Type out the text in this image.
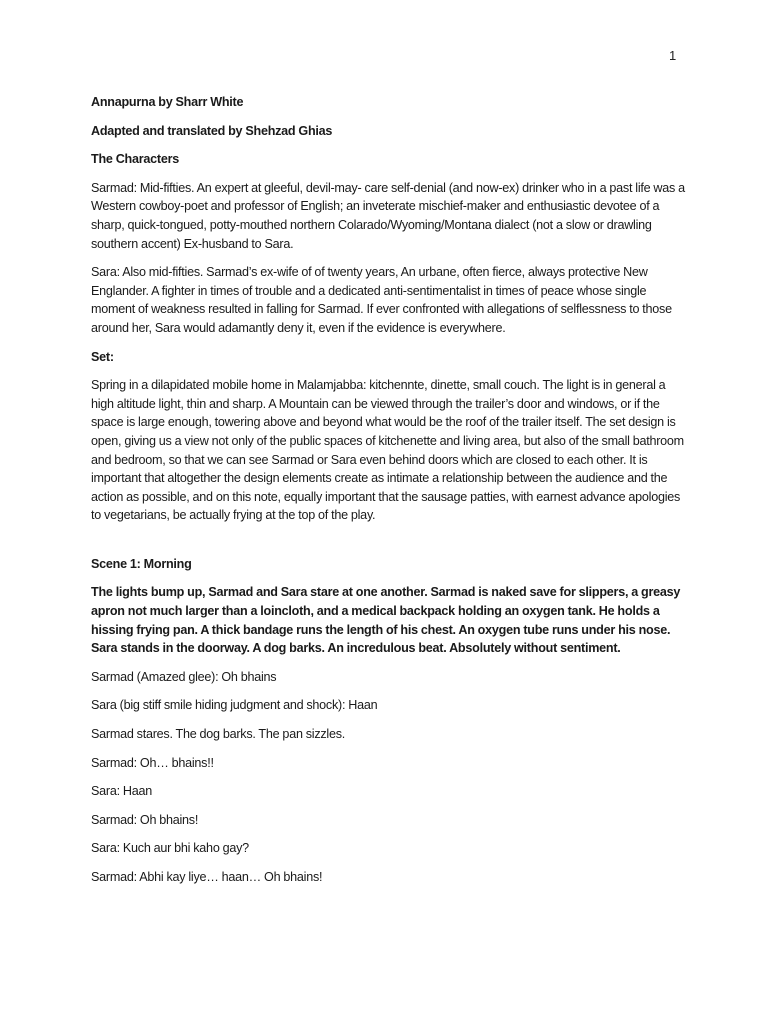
1

Annapurna by Sharr White

Adapted and translated by Shehzad Ghias

The Characters

Sarmad: Mid-fifties. An expert at gleeful, devil-may- care self-denial (and now-ex) drinker who in a past life was a Western cowboy-poet and professor of English; an inveterate mischief-maker and enthusiastic devotee of a sharp, quick-tongued, potty-mouthed northern Colarado/Wyoming/Montana dialect (not a slow or drawling southern accent) Ex-husband to Sara.

Sara: Also mid-fifties. Sarmad’s ex-wife of of twenty years, An urbane, often fierce, always protective New Englander. A fighter in times of trouble and a dedicated anti-sentimentalist in times of peace whose single moment of weakness resulted in falling for Sarmad. If ever confronted with allegations of selflessness to those around her, Sara would adamantly deny it, even if the evidence is everywhere.

Set:

Spring in a dilapidated mobile home in Malamjabba: kitchennte, dinette, small couch. The light is in general a high altitude light, thin and sharp. A Mountain can be viewed through the trailer’s door and windows, or if the space is large enough, towering above and beyond what would be the roof of the trailer itself. The set design is open, giving us a view not only of the public spaces of kitchenette and living area, but also of the small bathroom and bedroom, so that we can see Sarmad or Sara even behind doors which are closed to each other. It is important that altogether the design elements create as intimate a relationship between the audience and the action as possible, and on this note, equally important that the sausage patties, with earnest advance apologies to vegetarians, be actually frying at the top of the play.

Scene 1: Morning

The lights bump up, Sarmad and Sara stare at one another. Sarmad is naked save for slippers, a greasy apron not much larger than a loincloth, and a medical backpack holding an oxygen tank. He holds a hissing frying pan. A thick bandage runs the length of his chest. An oxygen tube runs under his nose. Sara stands in the doorway. A dog barks. An incredulous beat. Absolutely without sentiment.

Sarmad (Amazed glee): Oh bhains

Sara (big stiff smile hiding judgment and shock): Haan

Sarmad stares. The dog barks. The pan sizzles.

Sarmad: Oh… bhains!!

Sara: Haan

Sarmad: Oh bhains!

Sara: Kuch aur bhi kaho gay?

Sarmad: Abhi kay liye… haan… Oh bhains!
